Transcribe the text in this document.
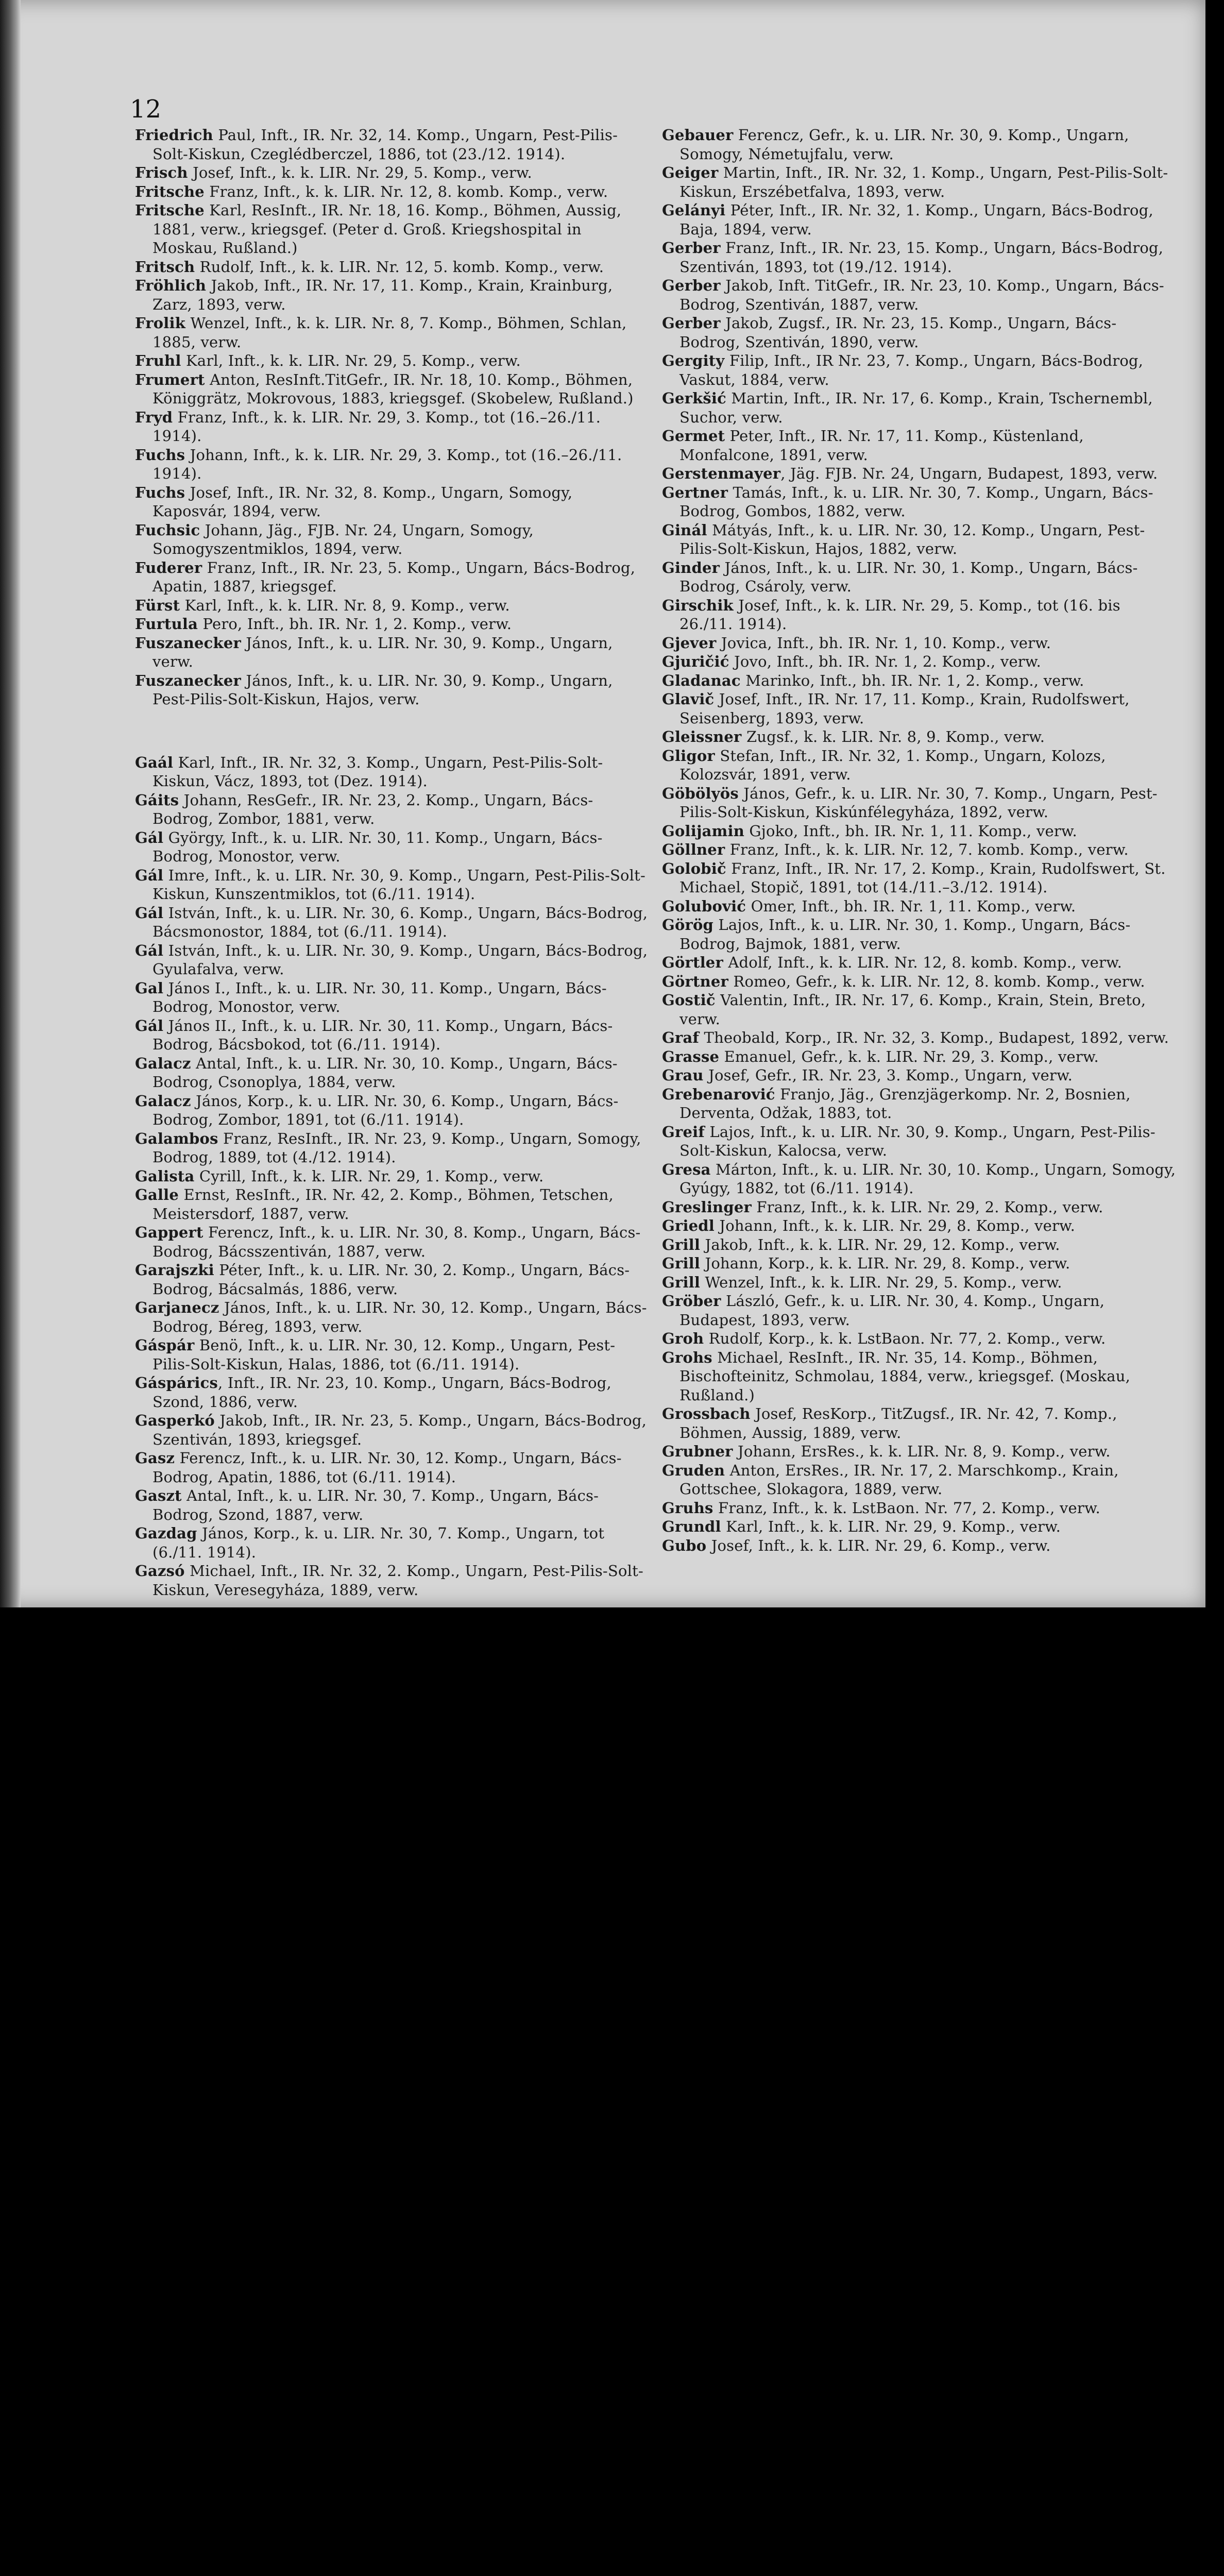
12

Friedrich Paul, Inft., IR. Nr. 32, 14. Komp., Ungarn, Pest-Pilis-Solt-Kiskun, Czeglédberczel, 1886, tot (23./12. 1914).

Frisch Josef, Inft., k. k. LIR. Nr. 29, 5. Komp., verw.

Fritsche Franz, Inft., k. k. LIR. Nr. 12, 8. komb. Komp., verw.

Fritsche Karl, ResInft., IR. Nr. 18, 16. Komp., Böhmen, Aussig, 1881, verw., kriegsgef. (Peter d. Groß. Kriegshospital in Moskau, Rußland.)

Fritsch Rudolf, Inft., k. k. LIR. Nr. 12, 5. komb. Komp., verw.

Fröhlich Jakob, Inft., IR. Nr. 17, 11. Komp., Krain, Krainburg, Zarz, 1893, verw.

Frolik Wenzel, Inft., k. k. LIR. Nr. 8, 7. Komp., Böhmen, Schlan, 1885, verw.

Fruhl Karl, Inft., k. k. LIR. Nr. 29, 5. Komp., verw.

Frumert Anton, ResInft.TitGefr., IR. Nr. 18, 10. Komp., Böhmen, Königgrätz, Mokrovous, 1883, kriegsgef. (Skobelew, Rußland.)

Fryd Franz, Inft., k. k. LIR. Nr. 29, 3. Komp., tot (16.–26./11. 1914).

Fuchs Johann, Inft., k. k. LIR. Nr. 29, 3. Komp., tot (16.–26./11. 1914).

Fuchs Josef, Inft., IR. Nr. 32, 8. Komp., Ungarn, Somogy, Kaposvár, 1894, verw.

Fuchsic Johann, Jäg., FJB. Nr. 24, Ungarn, Somogy, Somogyszentmiklos, 1894, verw.

Fuderer Franz, Inft., IR. Nr. 23, 5. Komp., Ungarn, Bács-Bodrog, Apatin, 1887, kriegsgef.

Fürst Karl, Inft., k. k. LIR. Nr. 8, 9. Komp., verw.

Furtula Pero, Inft., bh. IR. Nr. 1, 2. Komp., verw.

Fuszanecker János, Inft., k. u. LIR. Nr. 30, 9. Komp., Ungarn, verw.

Fuszanecker János, Inft., k. u. LIR. Nr. 30, 9. Komp., Ungarn, Pest-Pilis-Solt-Kiskun, Hajos, verw.

Gaál Karl, Inft., IR. Nr. 32, 3. Komp., Ungarn, Pest-Pilis-Solt-Kiskun, Vácz, 1893, tot (Dez. 1914).

Gáits Johann, ResGefr., IR. Nr. 23, 2. Komp., Ungarn, Bács-Bodrog, Zombor, 1881, verw.

Gál György, Inft., k. u. LIR. Nr. 30, 11. Komp., Ungarn, Bács-Bodrog, Monostor, verw.

Gál Imre, Inft., k. u. LIR. Nr. 30, 9. Komp., Ungarn, Pest-Pilis-Solt-Kiskun, Kunszentmiklos, tot (6./11. 1914).

Gál István, Inft., k. u. LIR. Nr. 30, 6. Komp., Ungarn, Bács-Bodrog, Bácsmonostor, 1884, tot (6./11. 1914).

Gál István, Inft., k. u. LIR. Nr. 30, 9. Komp., Ungarn, Bács-Bodrog, Gyulafalva, verw.

Gal János I., Inft., k. u. LIR. Nr. 30, 11. Komp., Ungarn, Bács-Bodrog, Monostor, verw.

Gál János II., Inft., k. u. LIR. Nr. 30, 11. Komp., Ungarn, Bács-Bodrog, Bácsbokod, tot (6./11. 1914).

Galacz Antal, Inft., k. u. LIR. Nr. 30, 10. Komp., Ungarn, Bács-Bodrog, Csonoplya, 1884, verw.

Galacz János, Korp., k. u. LIR. Nr. 30, 6. Komp., Ungarn, Bács-Bodrog, Zombor, 1891, tot (6./11. 1914).

Galambos Franz, ResInft., IR. Nr. 23, 9. Komp., Ungarn, Somogy, Bodrog, 1889, tot (4./12. 1914).

Galista Cyrill, Inft., k. k. LIR. Nr. 29, 1. Komp., verw.

Galle Ernst, ResInft., IR. Nr. 42, 2. Komp., Böhmen, Tetschen, Meistersdorf, 1887, verw.

Gappert Ferencz, Inft., k. u. LIR. Nr. 30, 8. Komp., Ungarn, Bács-Bodrog, Bácsszentiván, 1887, verw.

Garajszki Péter, Inft., k. u. LIR. Nr. 30, 2. Komp., Ungarn, Bács-Bodrog, Bácsalmás, 1886, verw.

Garjanecz János, Inft., k. u. LIR. Nr. 30, 12. Komp., Ungarn, Bács-Bodrog, Béreg, 1893, verw.

Gáspár Benö, Inft., k. u. LIR. Nr. 30, 12. Komp., Ungarn, Pest-Pilis-Solt-Kiskun, Halas, 1886, tot (6./11. 1914).

Gáspárics, Inft., IR. Nr. 23, 10. Komp., Ungarn, Bács-Bodrog, Szond, 1886, verw.

Gasperkó Jakob, Inft., IR. Nr. 23, 5. Komp., Ungarn, Bács-Bodrog, Szentiván, 1893, kriegsgef.

Gasz Ferencz, Inft., k. u. LIR. Nr. 30, 12. Komp., Ungarn, Bács-Bodrog, Apatin, 1886, tot (6./11. 1914).

Gaszt Antal, Inft., k. u. LIR. Nr. 30, 7. Komp., Ungarn, Bács-Bodrog, Szond, 1887, verw.

Gazdag János, Korp., k. u. LIR. Nr. 30, 7. Komp., Ungarn, tot (6./11. 1914).

Gazsó Michael, Inft., IR. Nr. 32, 2. Komp., Ungarn, Pest-Pilis-Solt-Kiskun, Veresegyháza, 1889, verw.

Gebauer Ferencz, Gefr., k. u. LIR. Nr. 30, 9. Komp., Ungarn, Somogy, Németujfalu, verw.

Geiger Martin, Inft., IR. Nr. 32, 1. Komp., Ungarn, Pest-Pilis-Solt-Kiskun, Erszébetfalva, 1893, verw.

Gelányi Péter, Inft., IR. Nr. 32, 1. Komp., Ungarn, Bács-Bodrog, Baja, 1894, verw.

Gerber Franz, Inft., IR. Nr. 23, 15. Komp., Ungarn, Bács-Bodrog, Szentiván, 1893, tot (19./12. 1914).

Gerber Jakob, Inft. TitGefr., IR. Nr. 23, 10. Komp., Ungarn, Bács-Bodrog, Szentiván, 1887, verw.

Gerber Jakob, Zugsf., IR. Nr. 23, 15. Komp., Ungarn, Bács-Bodrog, Szentiván, 1890, verw.

Gergity Filip, Inft., IR Nr. 23, 7. Komp., Ungarn, Bács-Bodrog, Vaskut, 1884, verw.

Gerkšić Martin, Inft., IR. Nr. 17, 6. Komp., Krain, Tschernembl, Suchor, verw.

Germet Peter, Inft., IR. Nr. 17, 11. Komp., Küstenland, Monfalcone, 1891, verw.

Gerstenmayer, Jäg. FJB. Nr. 24, Ungarn, Budapest, 1893, verw.

Gertner Tamás, Inft., k. u. LIR. Nr. 30, 7. Komp., Ungarn, Bács-Bodrog, Gombos, 1882, verw.

Ginál Mátyás, Inft., k. u. LIR. Nr. 30, 12. Komp., Ungarn, Pest-Pilis-Solt-Kiskun, Hajos, 1882, verw.

Ginder János, Inft., k. u. LIR. Nr. 30, 1. Komp., Ungarn, Bács-Bodrog, Csároly, verw.

Girschik Josef, Inft., k. k. LIR. Nr. 29, 5. Komp., tot (16. bis 26./11. 1914).

Gjever Jovica, Inft., bh. IR. Nr. 1, 10. Komp., verw.

Gjuričić Jovo, Inft., bh. IR. Nr. 1, 2. Komp., verw.

Gladanac Marinko, Inft., bh. IR. Nr. 1, 2. Komp., verw.

Glavič Josef, Inft., IR. Nr. 17, 11. Komp., Krain, Rudolfswert, Seisenberg, 1893, verw.

Gleissner Zugsf., k. k. LIR. Nr. 8, 9. Komp., verw.

Gligor Stefan, Inft., IR. Nr. 32, 1. Komp., Ungarn, Kolozs, Kolozsvár, 1891, verw.

Göbölyös János, Gefr., k. u. LIR. Nr. 30, 7. Komp., Ungarn, Pest-Pilis-Solt-Kiskun, Kiskúnfélegyháza, 1892, verw.

Golijamin Gjoko, Inft., bh. IR. Nr. 1, 11. Komp., verw.

Göllner Franz, Inft., k. k. LIR. Nr. 12, 7. komb. Komp., verw.

Golobič Franz, Inft., IR. Nr. 17, 2. Komp., Krain, Rudolfswert, St. Michael, Stopič, 1891, tot (14./11.–3./12. 1914).

Golubović Omer, Inft., bh. IR. Nr. 1, 11. Komp., verw.

Görög Lajos, Inft., k. u. LIR. Nr. 30, 1. Komp., Ungarn, Bács-Bodrog, Bajmok, 1881, verw.

Görtler Adolf, Inft., k. k. LIR. Nr. 12, 8. komb. Komp., verw.

Görtner Romeo, Gefr., k. k. LIR. Nr. 12, 8. komb. Komp., verw.

Gostič Valentin, Inft., IR. Nr. 17, 6. Komp., Krain, Stein, Breto, verw.

Graf Theobald, Korp., IR. Nr. 32, 3. Komp., Budapest, 1892, verw.

Grasse Emanuel, Gefr., k. k. LIR. Nr. 29, 3. Komp., verw.

Grau Josef, Gefr., IR. Nr. 23, 3. Komp., Ungarn, verw.

Grebenarović Franjo, Jäg., Grenzjägerkomp. Nr. 2, Bosnien, Derventa, Odžak, 1883, tot.

Greif Lajos, Inft., k. u. LIR. Nr. 30, 9. Komp., Ungarn, Pest-Pilis-Solt-Kiskun, Kalocsa, verw.

Gresa Márton, Inft., k. u. LIR. Nr. 30, 10. Komp., Ungarn, Somogy, Gyúgy, 1882, tot (6./11. 1914).

Greslinger Franz, Inft., k. k. LIR. Nr. 29, 2. Komp., verw.

Griedl Johann, Inft., k. k. LIR. Nr. 29, 8. Komp., verw.

Grill Jakob, Inft., k. k. LIR. Nr. 29, 12. Komp., verw.

Grill Johann, Korp., k. k. LIR. Nr. 29, 8. Komp., verw.

Grill Wenzel, Inft., k. k. LIR. Nr. 29, 5. Komp., verw.

Gröber László, Gefr., k. u. LIR. Nr. 30, 4. Komp., Ungarn, Budapest, 1893, verw.

Groh Rudolf, Korp., k. k. LstBaon. Nr. 77, 2. Komp., verw.

Grohs Michael, ResInft., IR. Nr. 35, 14. Komp., Böhmen, Bischofteinitz, Schmolau, 1884, verw., kriegsgef. (Moskau, Rußland.)

Grossbach Josef, ResKorp., TitZugsf., IR. Nr. 42, 7. Komp., Böhmen, Aussig, 1889, verw.

Grubner Johann, ErsRes., k. k. LIR. Nr. 8, 9. Komp., verw.

Gruden Anton, ErsRes., IR. Nr. 17, 2. Marschkomp., Krain, Gottschee, Slokagora, 1889, verw.

Gruhs Franz, Inft., k. k. LstBaon. Nr. 77, 2. Komp., verw.

Grundl Karl, Inft., k. k. LIR. Nr. 29, 9. Komp., verw.

Gubo Josef, Inft., k. k. LIR. Nr. 29, 6. Komp., verw.
